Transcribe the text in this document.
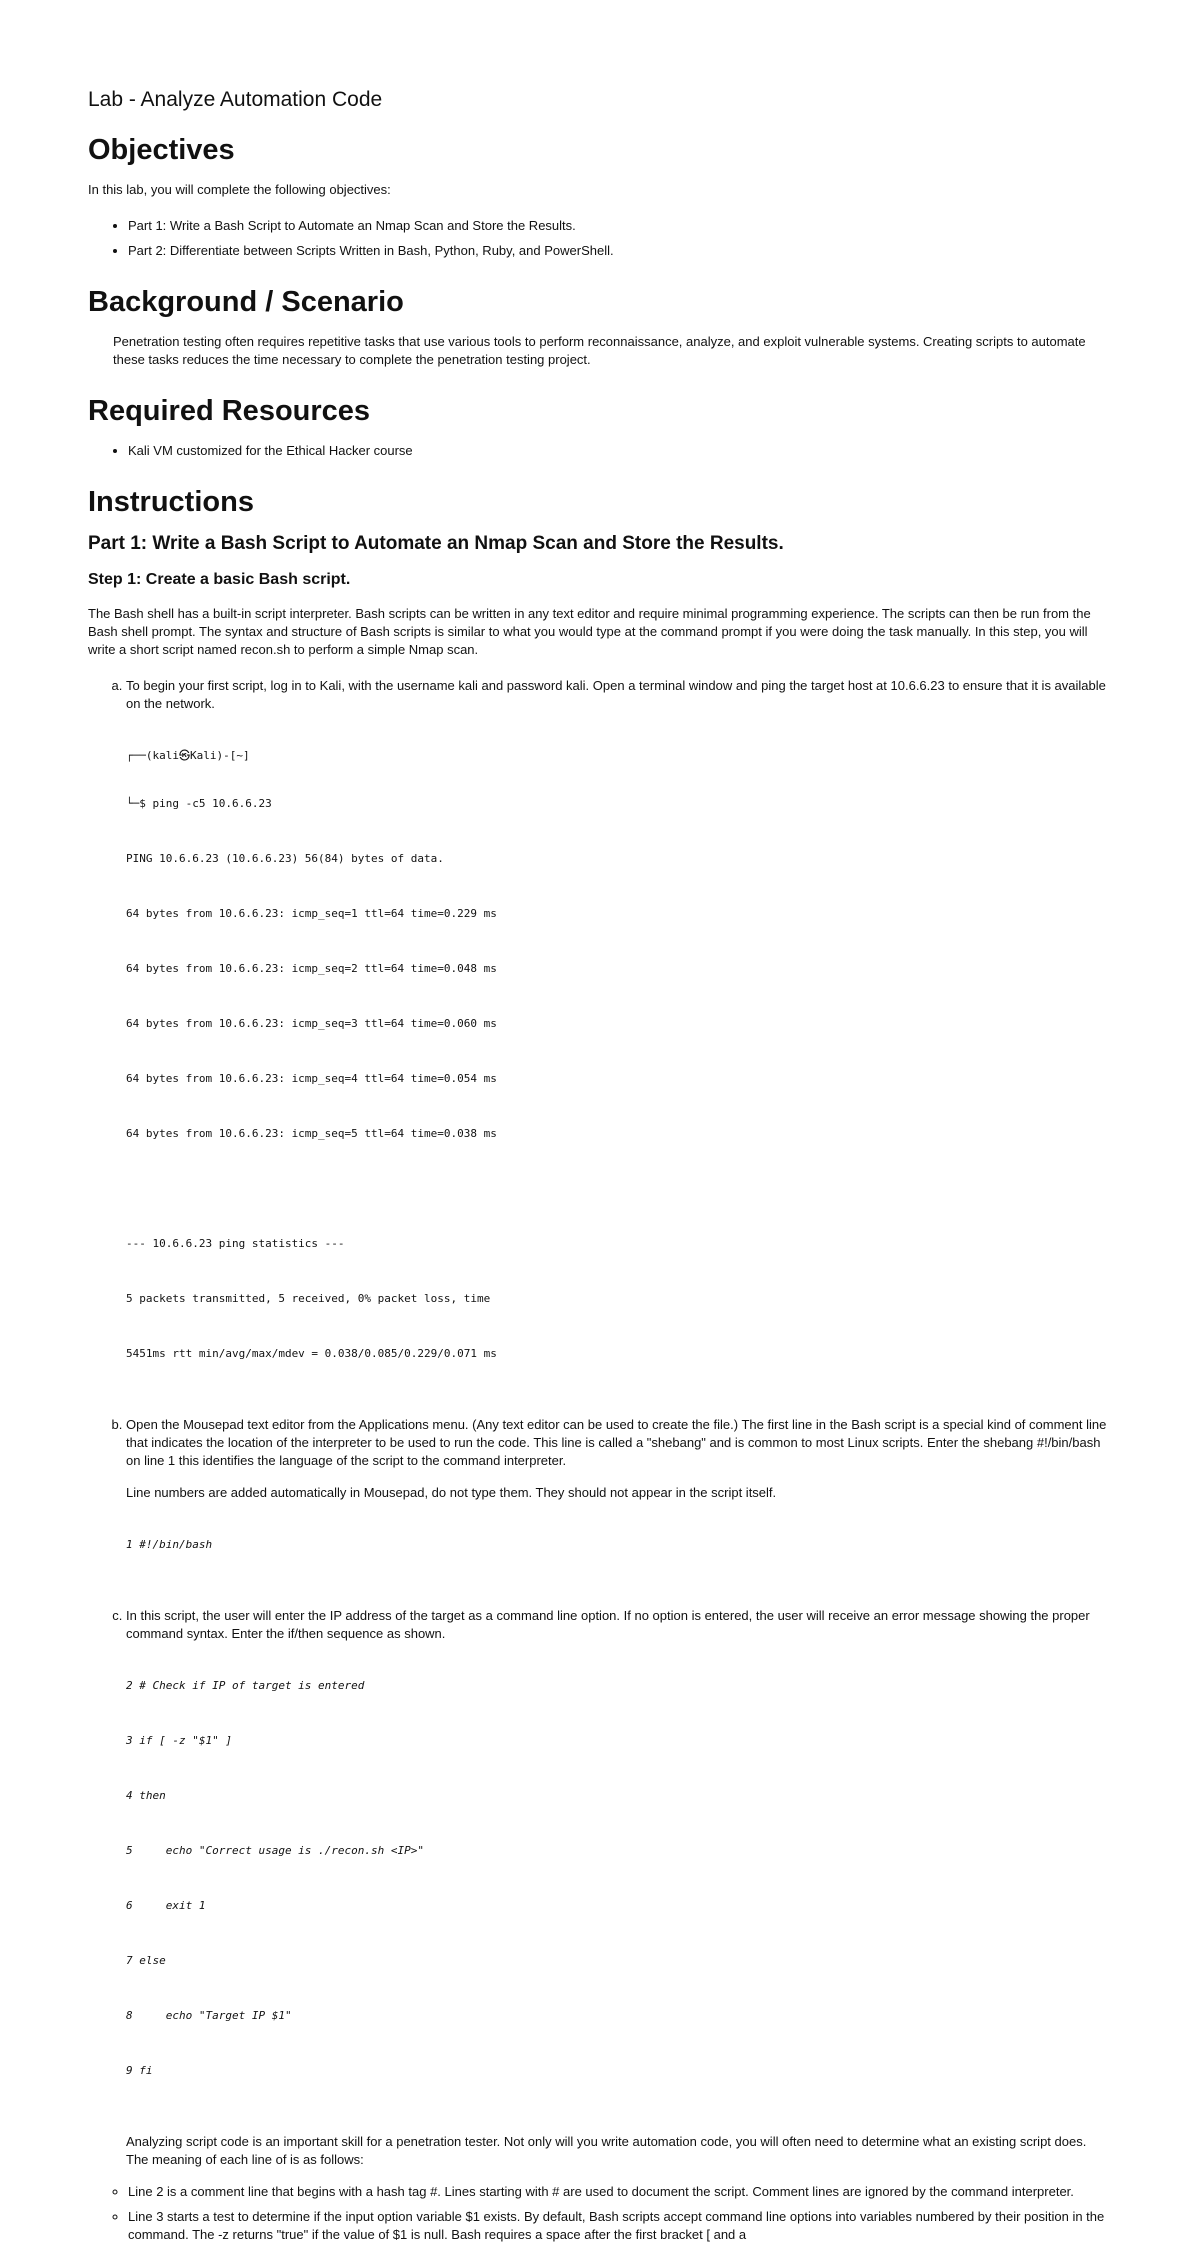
Lab - Analyze Automation Code
Objectives

In this lab, you will complete the following objectives:

• Part 1: Write a Bash Script to Automate an Nmap Scan and Store the Results.
• Part 2: Differentiate between Scripts Written in Bash, Python, Ruby, and PowerShell.
Background / Scenario

Penetration testing often requires repetitive tasks that use various tools to perform reconnaissance, analyze, and exploit vulnerable systems. Creating scripts to automate these tasks reduces the time necessary to complete the penetration testing project.

Required Resources
• Kali VM customized for the Ethical Hacker course
Instructions
Part 1: Write a Bash Script to Automate an Nmap Scan and Store the Results.
Step 1: Create a basic Bash script.

The Bash shell has a built-in script interpreter. Bash scripts can be written in any text editor and require minimal programming experience. The scripts can then be run from the Bash shell prompt. The syntax and structure of Bash scripts is similar to what you would type at the command prompt if you were doing the task manually. In this step, you will write a short script named recon.sh to perform a simple Nmap scan.

a. To begin your first script, log in to Kali, with the username kali and password kali. Open a terminal window and ping the target host at 10.6.6.23 to ensure that it is available on the network.

┌──(kali㉿Kali)-[~]

└─$ ping -c5 10.6.6.23

PING 10.6.6.23 (10.6.6.23) 56(84) bytes of data.

64 bytes from 10.6.6.23: icmp_seq=1 ttl=64 time=0.229 ms

64 bytes from 10.6.6.23: icmp_seq=2 ttl=64 time=0.048 ms

64 bytes from 10.6.6.23: icmp_seq=3 ttl=64 time=0.060 ms

64 bytes from 10.6.6.23: icmp_seq=4 ttl=64 time=0.054 ms

64 bytes from 10.6.6.23: icmp_seq=5 ttl=64 time=0.038 ms

--- 10.6.6.23 ping statistics ---

5 packets transmitted, 5 received, 0% packet loss, time

5451ms rtt min/avg/max/mdev = 0.038/0.085/0.229/0.071 ms

b. Open the Mousepad text editor from the Applications menu. (Any text editor can be used to create the file.) The first line in the Bash script is a special kind of comment line that indicates the location of the interpreter to be used to run the code. This line is called a "shebang" and is common to most Linux scripts. Enter the shebang #!/bin/bash on line 1 this identifies the language of the script to the command interpreter.

Line numbers are added automatically in Mousepad, do not type them. They should not appear in the script itself.

1 #!/bin/bash

c. In this script, the user will enter the IP address of the target as a command line option. If no option is entered, the user will receive an error message showing the proper command syntax. Enter the if/then sequence as shown.

2 # Check if IP of target is entered

3 if [ -z "$1" ]

4 then

5     echo "Correct usage is ./recon.sh <IP>"

6     exit 1

7 else

8     echo "Target IP $1"

9 fi

Analyzing script code is an important skill for a penetration tester. Not only will you write automation code, you will often need to determine what an existing script does. The meaning of each line of is as follows:

◦ Line 2 is a comment line that begins with a hash tag #. Lines starting with # are used to document the script. Comment lines are ignored by the command interpreter.
◦ Line 3 starts a test to determine if the input option variable $1 exists. By default, Bash scripts accept command line options into variables numbered by their position in the command. The -z returns "true" if the value of $1 is null. Bash requires a space after the first bracket [ and a
